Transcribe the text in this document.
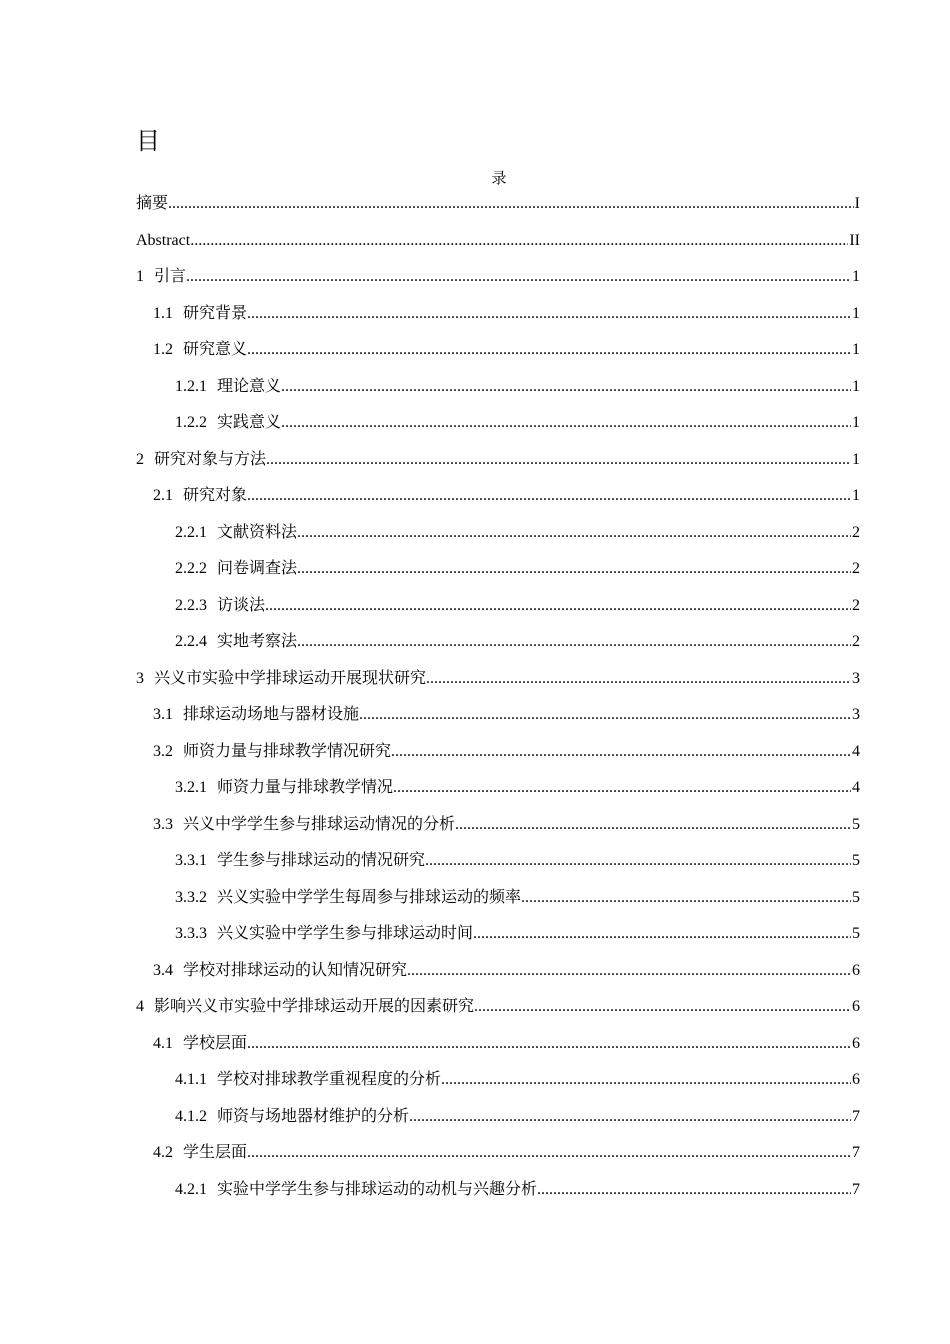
目
录
摘要 .....	I
Abstract .....	II
1 引言 .....	1
1.1 研究背景 .....	1
1.2 研究意义 .....	1
1.2.1 理论意义 .....	1
1.2.2 实践意义 .....	1
2 研究对象与方法 .....	1
2.1 研究对象 .....	1
2.2.1 文献资料法 .....	2
2.2.2 问卷调查法 .....	2
2.2.3 访谈法 .....	2
2.2.4 实地考察法 .....	2
3 兴义市实验中学排球运动开展现状研究 .....	3
3.1 排球运动场地与器材设施 .....	3
3.2 师资力量与排球教学情况研究 .....	4
3.2.1 师资力量与排球教学情况 .....	4
3.3 兴义中学学生参与排球运动情况的分析 .....	5
3.3.1 学生参与排球运动的情况研究 .....	5
3.3.2 兴义实验中学学生每周参与排球运动的频率 .....	5
3.3.3 兴义实验中学学生参与排球运动时间 .....	5
3.4 学校对排球运动的认知情况研究 .....	6
4 影响兴义市实验中学排球运动开展的因素研究 .....	6
4.1 学校层面 .....	6
4.1.1 学校对排球教学重视程度的分析 .....	6
4.1.2 师资与场地器材维护的分析 .....	7
4.2 学生层面 .....	7
4.2.1 实验中学学生参与排球运动的动机与兴趣分析 .....	7
